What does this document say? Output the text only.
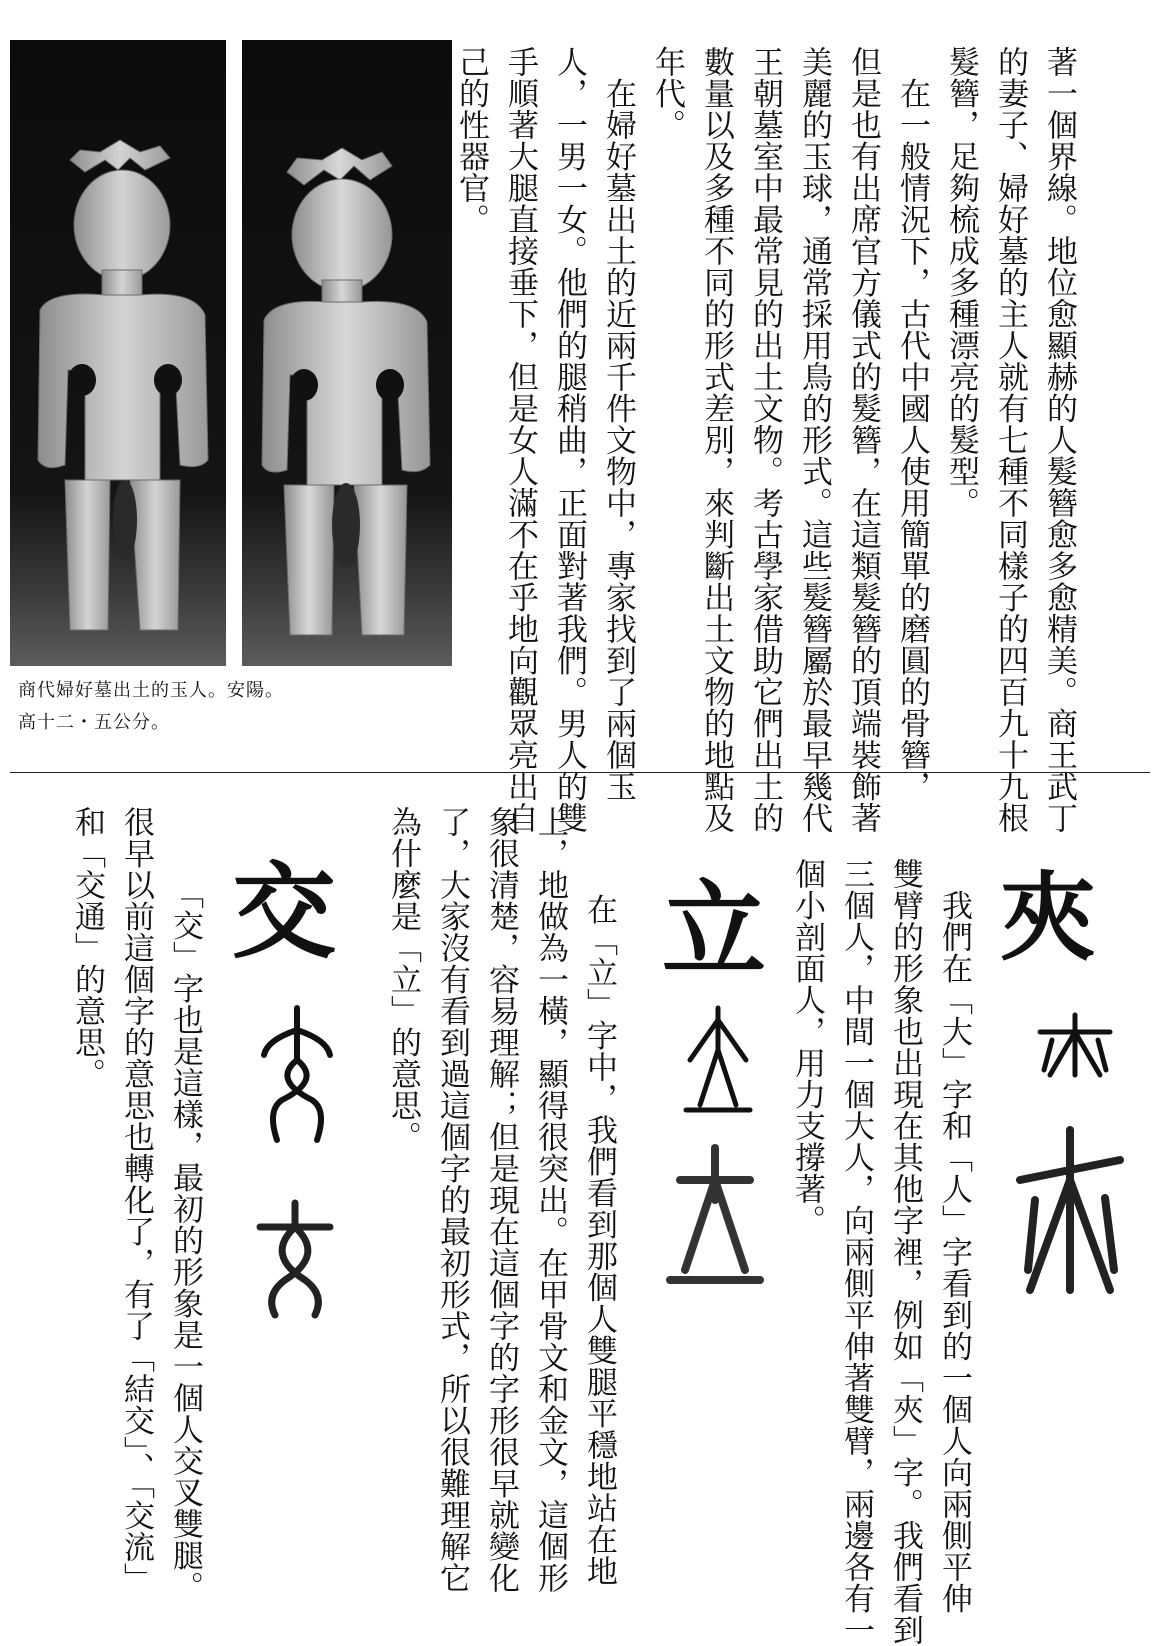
著一個界線。地位愈顯赫的人髮簪愈多愈精美。商王武丁
的妻子、婦好墓的主人就有七種不同樣子的四百九十九根
髮簪，足夠梳成多種漂亮的髮型。
　在一般情況下，古代中國人使用簡單的磨圓的骨簪，
但是也有出席官方儀式的髮簪，在這類髮簪的頂端裝飾著
美麗的玉球，通常採用鳥的形式。這些髮簪屬於最早幾代
王朝墓室中最常見的出土文物。考古學家借助它們出土的
數量以及多種不同的形式差別，來判斷出土文物的地點及
年代。
　在婦好墓出土的近兩千件文物中，專家找到了兩個玉
人，一男一女。他們的腿稍曲，正面對著我們。男人的雙
手順著大腿直接垂下，但是女人滿不在乎地向觀眾亮出自
己的性器官。
商代婦好墓出土的玉人。安陽。
高十二・五公分。
　我們在「大」字和「人」字看到的一個人向兩側平伸
雙臂的形象也出現在其他字裡，例如「夾」字。我們看到
三個人，中間一個大人，向兩側平伸著雙臂，兩邊各有一
個小剖面人，用力支撐著。
　在「立」字中，我們看到那個人雙腿平穩地站在地
上，地做為一橫，顯得很突出。在甲骨文和金文，這個形
象很清楚，容易理解；但是現在這個字的字形很早就變化
了，大家沒有看到過這個字的最初形式，所以很難理解它
為什麼是「立」的意思。
　「交」字也是這樣，最初的形象是一個人交叉雙腿。
很早以前這個字的意思也轉化了，有了「結交」、「交流」
和「交通」的意思。	夾
立
交
